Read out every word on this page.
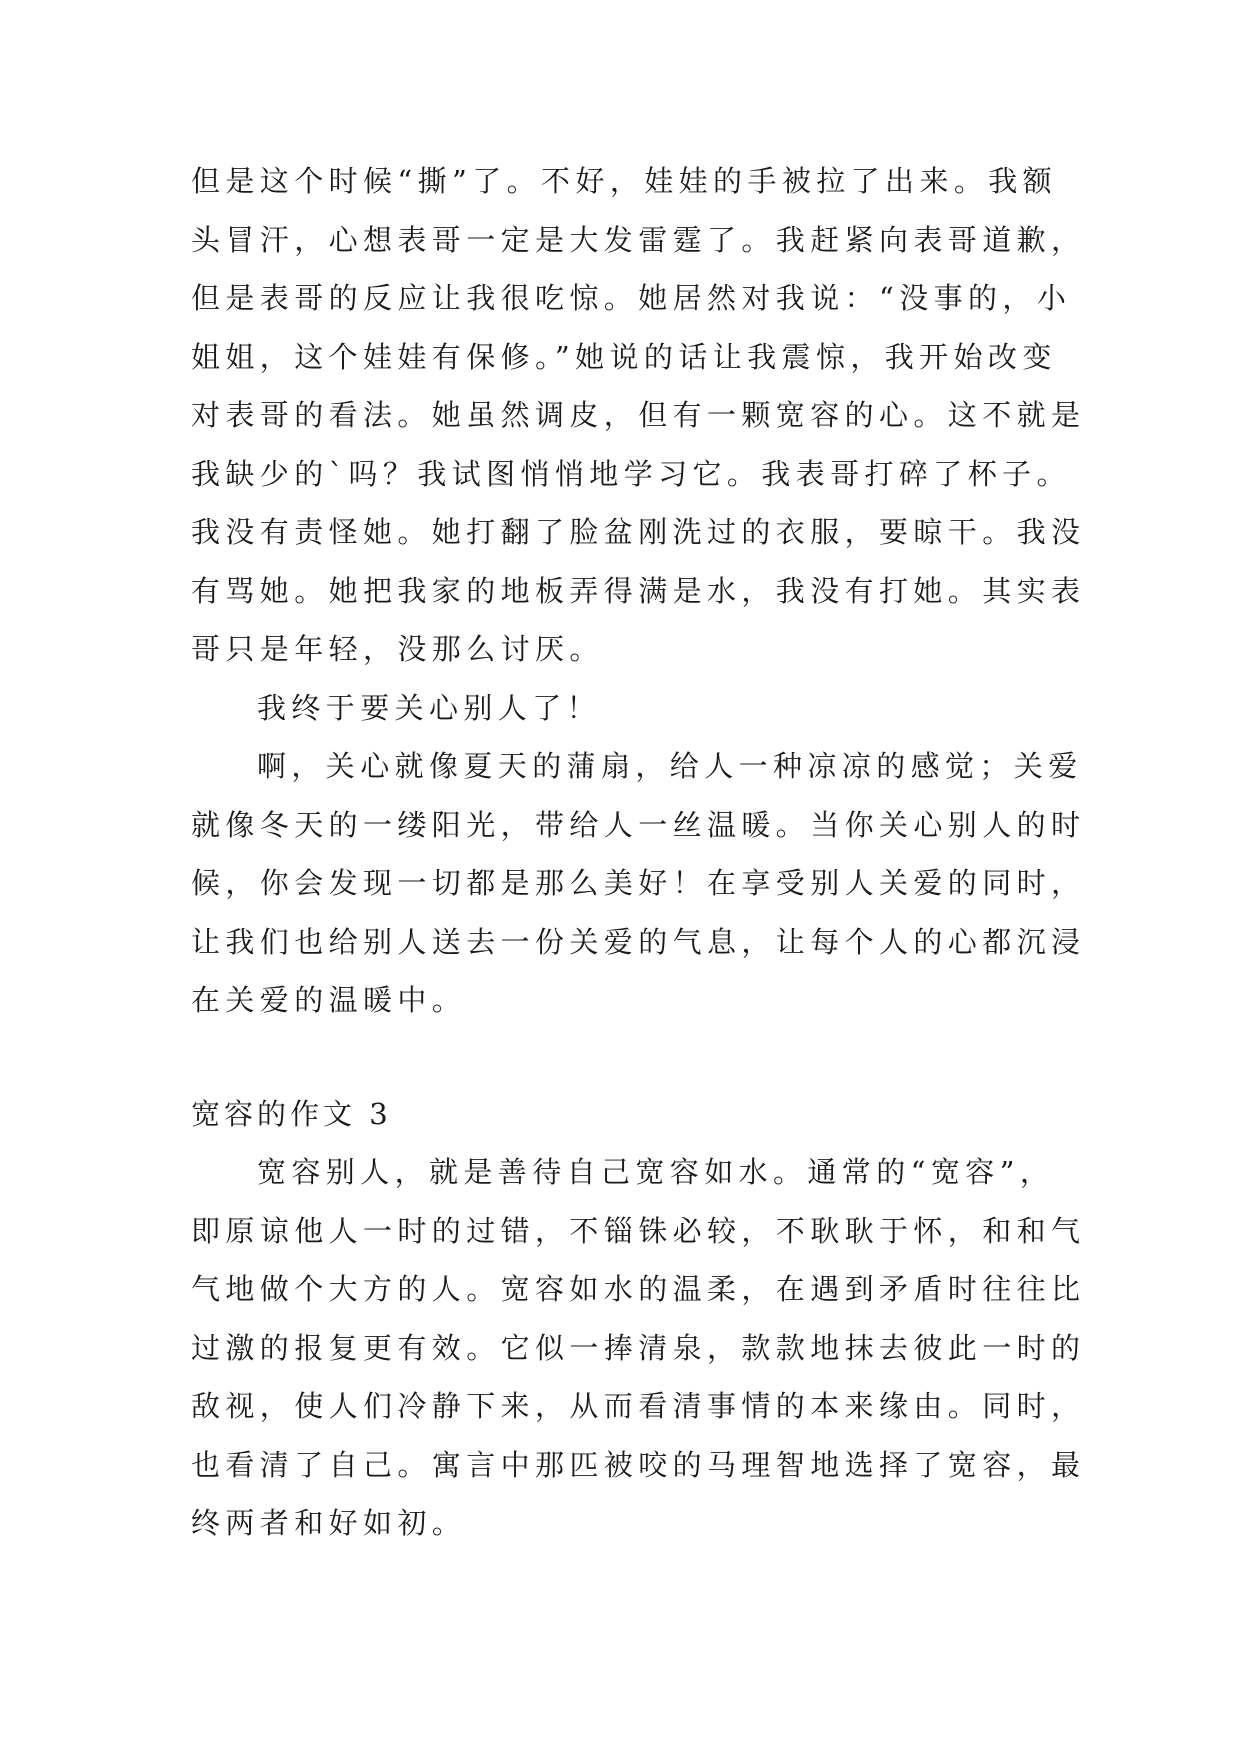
但是这个时候“撕”了。不好，娃娃的手被拉了出来。我额
头冒汗，心想表哥一定是大发雷霆了。我赶紧向表哥道歉，
但是表哥的反应让我很吃惊。她居然对我说：“没事的，小
姐姐，这个娃娃有保修。”她说的话让我震惊，我开始改变
对表哥的看法。她虽然调皮，但有一颗宽容的心。这不就是
我缺少的`吗？我试图悄悄地学习它。我表哥打碎了杯子。
我没有责怪她。她打翻了脸盆刚洗过的衣服，要晾干。我没
有骂她。她把我家的地板弄得满是水，我没有打她。其实表
哥只是年轻，没那么讨厌。
我终于要关心别人了！
啊，关心就像夏天的蒲扇，给人一种凉凉的感觉；关爱
就像冬天的一缕阳光，带给人一丝温暖。当你关心别人的时
候，你会发现一切都是那么美好！在享受别人关爱的同时，
让我们也给别人送去一份关爱的气息，让每个人的心都沉浸
在关爱的温暖中。
宽容的作文 3
宽容别人，就是善待自己宽容如水。通常的“宽容”，
即原谅他人一时的过错，不锱铢必较，不耿耿于怀，和和气
气地做个大方的人。宽容如水的温柔，在遇到矛盾时往往比
过激的报复更有效。它似一捧清泉，款款地抹去彼此一时的
敌视，使人们冷静下来，从而看清事情的本来缘由。同时，
也看清了自己。寓言中那匹被咬的马理智地选择了宽容，最
终两者和好如初。
